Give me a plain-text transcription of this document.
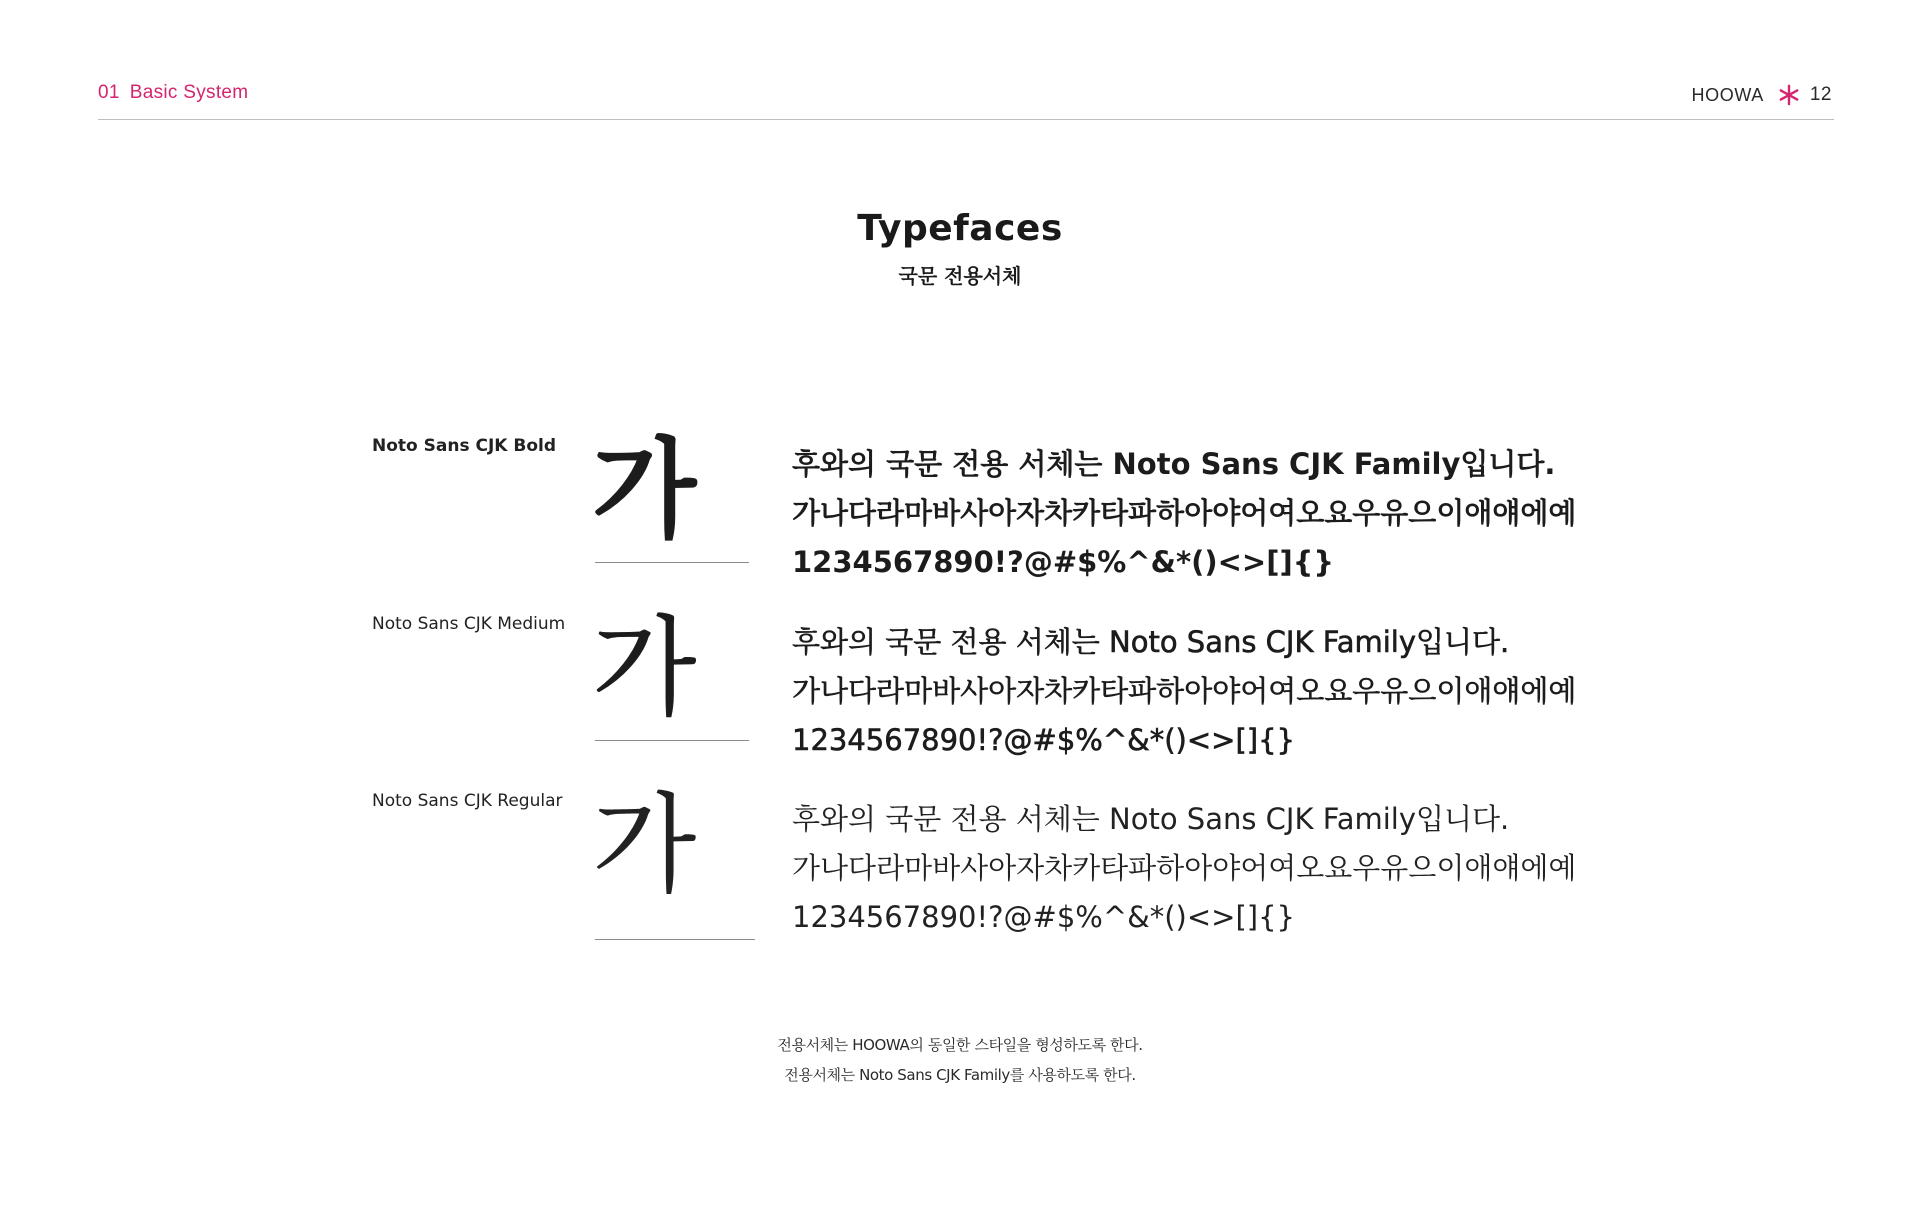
01 Basic System	HOOWA 12
Typefaces
국문 전용서체
Noto Sans CJK Bold 가	후와의 국문 전용 서체는 Noto Sans CJK Family입니다.
가나다라마바사아자차카타파하아야어여오요우유으이애얘에예
1234567890!?@#$%^&*()<>[]{}
Noto Sans CJK Medium 가	후와의 국문 전용 서체는 Noto Sans CJK Family입니다.
가나다라마바사아자차카타파하아야어여오요우유으이애얘에예
1234567890!?@#$%^&*()<>[]{}
Noto Sans CJK Regular 가	후와의 국문 전용 서체는 Noto Sans CJK Family입니다.
가나다라마바사아자차카타파하아야어여오요우유으이애얘에예
1234567890!?@#$%^&*()<>[]{}
전용서체는 HOOWA의 동일한 스타일을 형성하도록 한다.
전용서체는 Noto Sans CJK Family를 사용하도록 한다.
